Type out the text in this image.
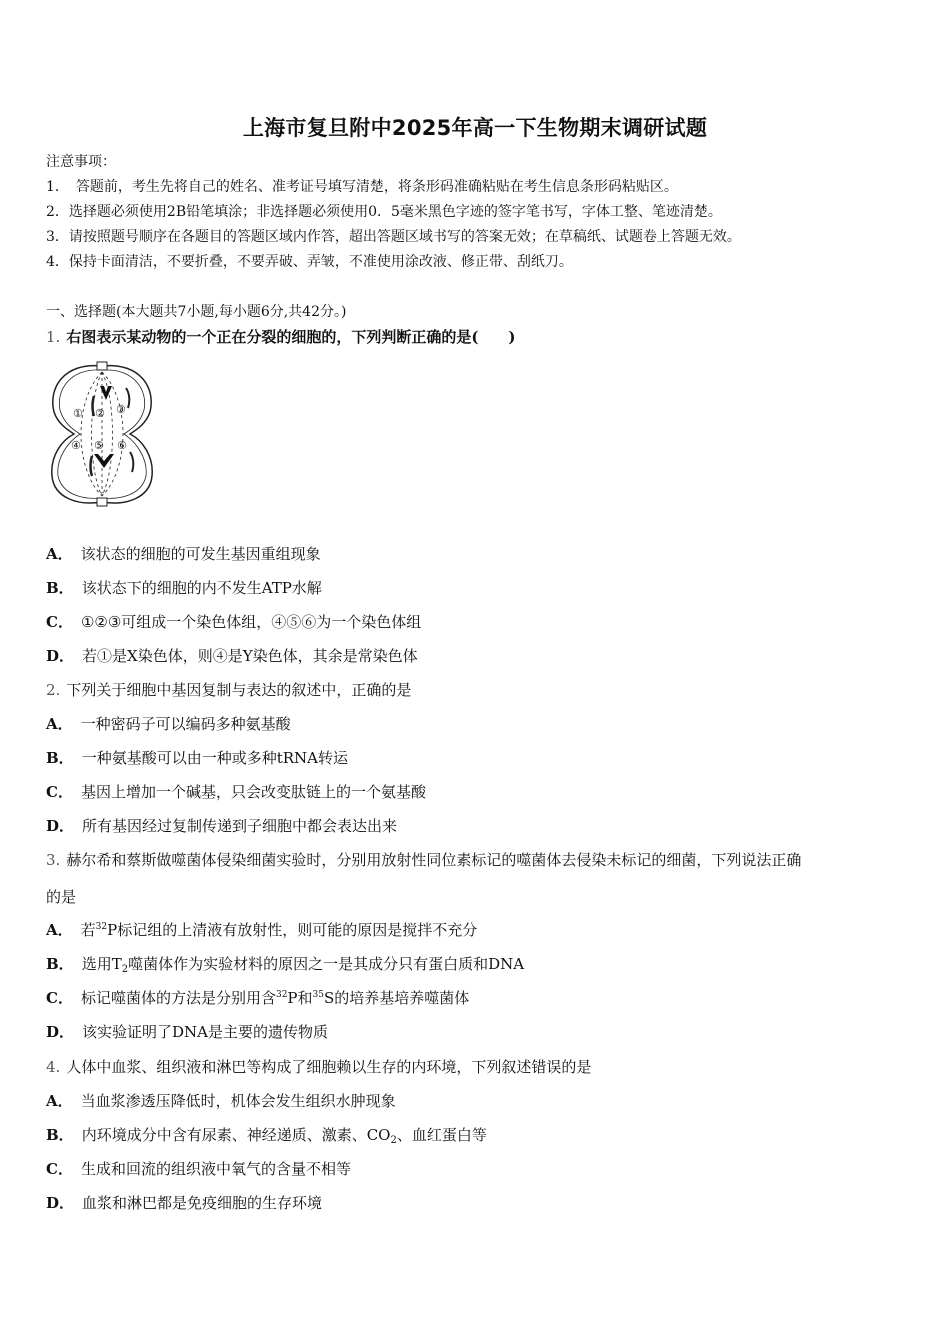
上海市复旦附中2025年高一下生物期末调研试题
注意事项：
1．　答题前，考生先将自己的姓名、准考证号填写清楚，将条形码准确粘贴在考生信息条形码粘贴区。
2．选择题必须使用2B铅笔填涂；非选择题必须使用0．5毫米黑色字迹的签字笔书写，字体工整、笔迹清楚。
3．请按照题号顺序在各题目的答题区域内作答，超出答题区域书写的答案无效；在草稿纸、试题卷上答题无效。
4．保持卡面清洁，不要折叠，不要弄破、弄皱，不准使用涂改液、修正带、刮纸刀。
一、选择题(本大题共7小题,每小题6分,共42分。)
1. 右图表示某动物的一个正在分裂的细胞的，下列判断正确的是(　　)
① ② ③
④ ⑤ ⑥
A． 该状态的细胞的可发生基因重组现象
B． 该状态下的细胞的内不发生ATP水解
C． ①②③可组成一个染色体组，④⑤⑥为一个染色体组
D． 若①是X染色体，则④是Y染色体，其余是常染色体
2. 下列关于细胞中基因复制与表达的叙述中，正确的是
A． 一种密码子可以编码多种氨基酸
B． 一种氨基酸可以由一种或多种tRNA转运
C． 基因上增加一个碱基，只会改变肽链上的一个氨基酸
D． 所有基因经过复制传递到子细胞中都会表达出来
3. 赫尔希和蔡斯做噬菌体侵染细菌实验时，分别用放射性同位素标记的噬菌体去侵染未标记的细菌，下列说法正确
的是
A． 若$^{32}$P标记组的上清液有放射性，则可能的原因是搅拌不充分
B． 选用$T_2$噬菌体作为实验材料的原因之一是其成分只有蛋白质和DNA
C． 标记噬菌体的方法是分别用含$^{32}$P和$^{35}$S的培养基培养噬菌体
D． 该实验证明了DNA是主要的遗传物质
4. 人体中血浆、组织液和淋巴等构成了细胞赖以生存的内环境，下列叙述错误的是
A． 当血浆渗透压降低时，机体会发生组织水肿现象
B． 内环境成分中含有尿素、神经递质、激素、$CO_2$、血红蛋白等
C． 生成和回流的组织液中氧气的含量不相等
D． 血浆和淋巴都是免疫细胞的生存环境
